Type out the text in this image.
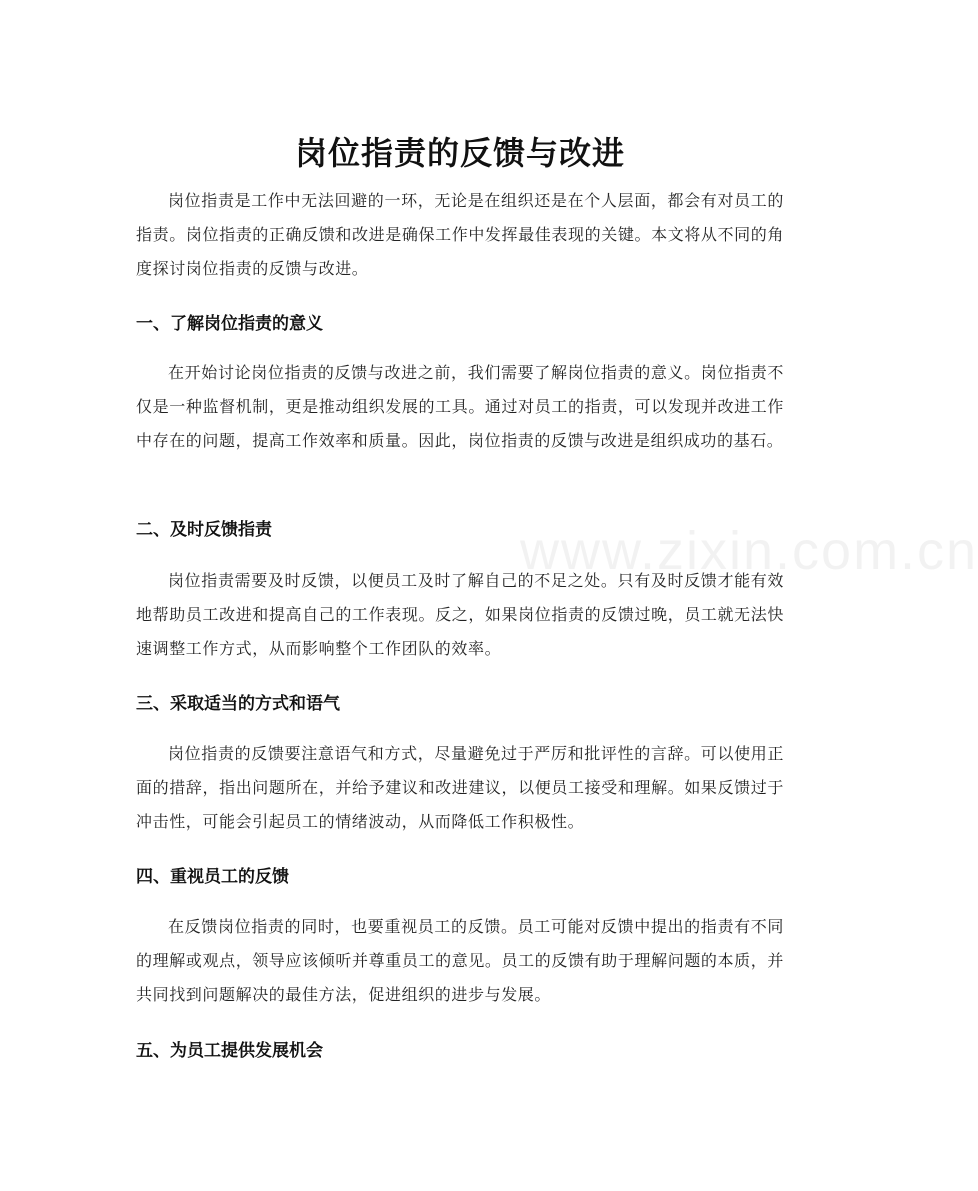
www.zixin.com.cn
岗位指责的反馈与改进

岗位指责是工作中无法回避的一环，无论是在组织还是在个人层面，都会有对员工的指责。岗位指责的正确反馈和改进是确保工作中发挥最佳表现的关键。本文将从不同的角度探讨岗位指责的反馈与改进。

一、了解岗位指责的意义

在开始讨论岗位指责的反馈与改进之前，我们需要了解岗位指责的意义。岗位指责不仅是一种监督机制，更是推动组织发展的工具。通过对员工的指责，可以发现并改进工作中存在的问题，提高工作效率和质量。因此，岗位指责的反馈与改进是组织成功的基石。

二、及时反馈指责

岗位指责需要及时反馈，以便员工及时了解自己的不足之处。只有及时反馈才能有效地帮助员工改进和提高自己的工作表现。反之，如果岗位指责的反馈过晚，员工就无法快速调整工作方式，从而影响整个工作团队的效率。

三、采取适当的方式和语气

岗位指责的反馈要注意语气和方式，尽量避免过于严厉和批评性的言辞。可以使用正面的措辞，指出问题所在，并给予建议和改进建议，以便员工接受和理解。如果反馈过于冲击性，可能会引起员工的情绪波动，从而降低工作积极性。

四、重视员工的反馈

在反馈岗位指责的同时，也要重视员工的反馈。员工可能对反馈中提出的指责有不同的理解或观点，领导应该倾听并尊重员工的意见。员工的反馈有助于理解问题的本质，并共同找到问题解决的最佳方法，促进组织的进步与发展。

五、为员工提供发展机会
